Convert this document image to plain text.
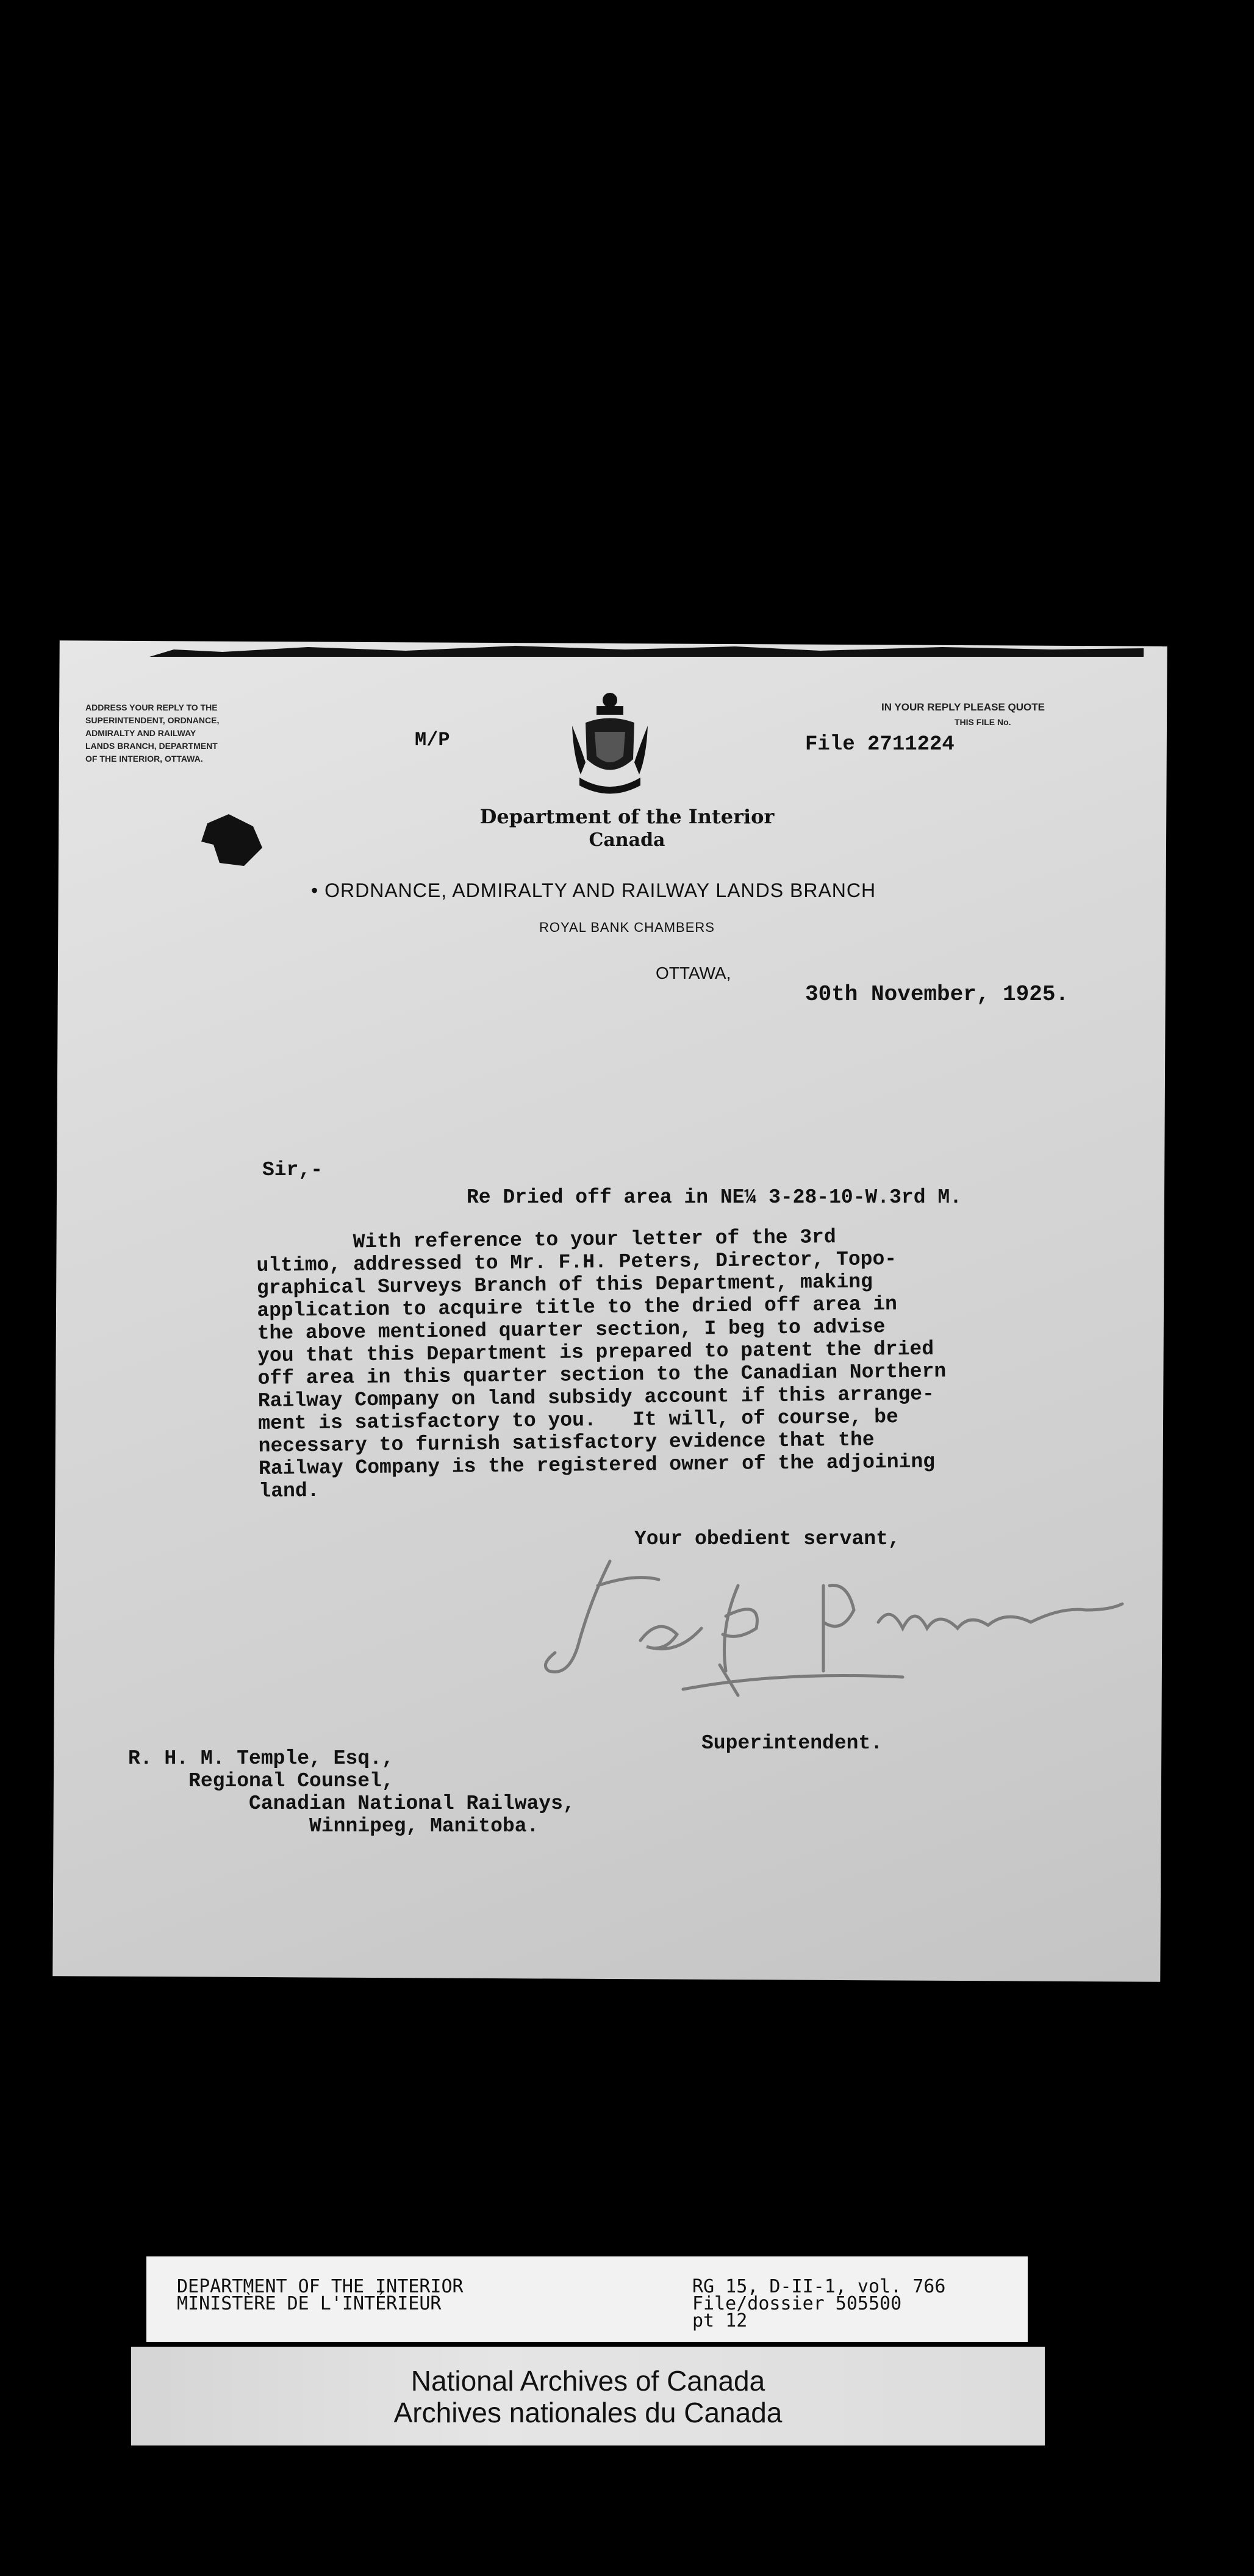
ADDRESS YOUR REPLY TO THE
SUPERINTENDENT, ORDNANCE,
ADMIRALTY AND RAILWAY
LANDS BRANCH, DEPARTMENT
OF THE INTERIOR, OTTAWA.
IN YOUR REPLY PLEASE QUOTE
THIS FILE No.
M/P	File 2711224
Department of the Interior
Canada
• ORDNANCE, ADMIRALTY AND RAILWAY LANDS BRANCH
ROYAL BANK CHAMBERS
OTTAWA,
30th November, 1925.
Sir,-
Re Dried off area in NE¼ 3-28-10-W.3rd M.
With reference to your letter of the 3rd
ultimo, addressed to Mr. F.H. Peters, Director, Topo-
graphical Surveys Branch of this Department, making
application to acquire title to the dried off area in
the above mentioned quarter section, I beg to advise
you that this Department is prepared to patent the dried
off area in this quarter section to the Canadian Northern
Railway Company on land subsidy account if this arrange-
ment is satisfactory to you.   It will, of course, be
necessary to furnish satisfactory evidence that the
Railway Company is the registered owner of the adjoining
land.
Your obedient servant,
Superintendent.
R. H. M. Temple, Esq.,
Regional Counsel,
Canadian National Railways,
Winnipeg, Manitoba.
DEPARTMENT OF THE INTERIOR
MINISTÈRE DE L'INTÉRIEUR
RG 15, D-II-1, vol. 766
File/dossier 505500
pt 12
National Archives of Canada
Archives nationales du Canada
